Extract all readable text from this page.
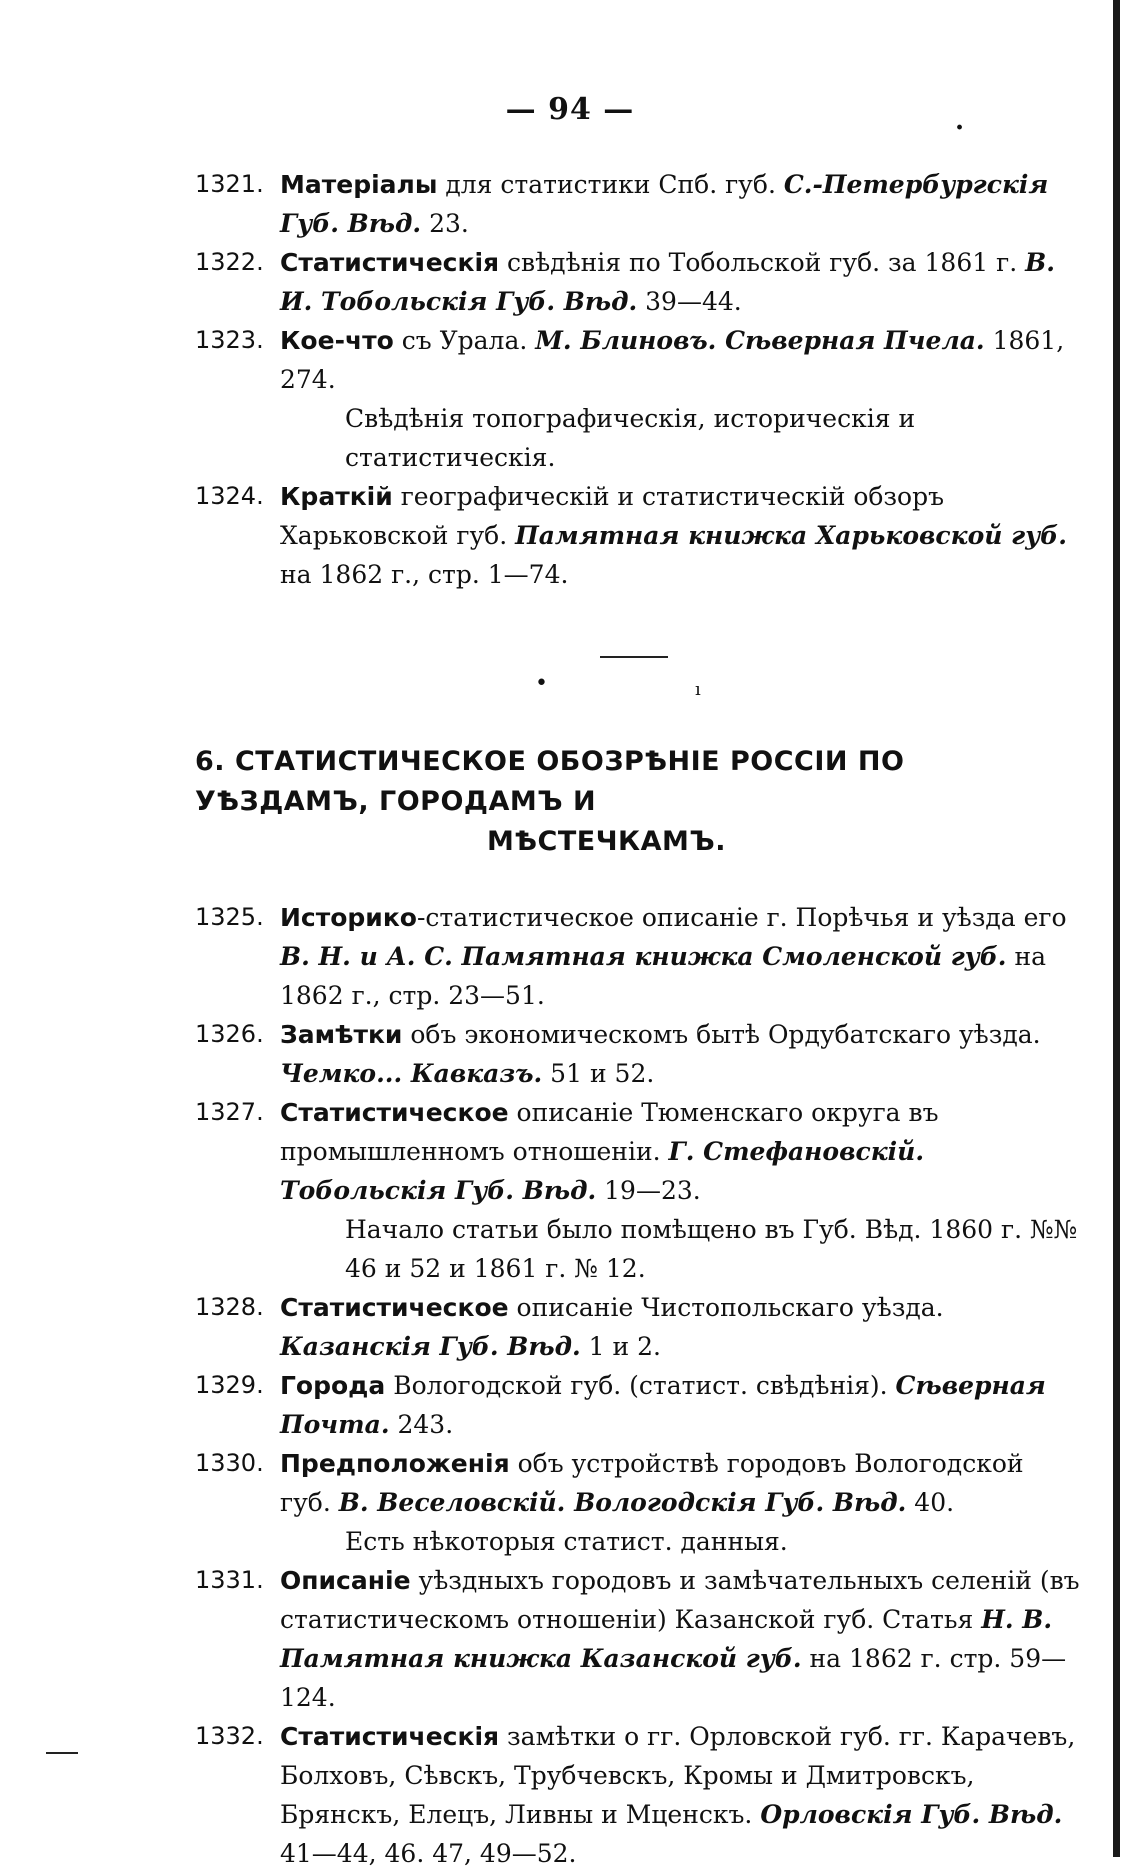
— 94 —	.
1321. Матеріалы для статистики Спб. губ. С.-Петербургскія Губ. Вѣд. 23.
1322. Статистическія свѣдѣнія по Тобольской губ. за 1861 г. В. И. Тобольскія Губ. Вѣд. 39—44.
1323. Кое-что съ Урала. М. Блиновъ. Сѣверная Пчела. 1861, 274.
Свѣдѣнія топографическія, историческія и статистическія.
1324. Краткій географическій и статистическій обзоръ Харьковской губ. Памятная книжка Харьковской губ. на 1862 г., стр. 1—74.
•	ı
6. СТАТИСТИЧЕСКОЕ ОБОЗРѢНІЕ РОССІИ ПО УѢЗДАМЪ, ГОРОДАМЪ И
МѢСТЕЧКАМЪ.
1325. Историко-статистическое описаніе г. Порѣчья и уѣзда его В. Н. и А. С. Памятная книжка Смоленской губ. на 1862 г., стр. 23—51.
1326. Замѣтки объ экономическомъ бытѣ Ордубатскаго уѣзда. Чемко... Кавказъ. 51 и 52.
1327. Статистическое описаніе Тюменскаго округа въ промышленномъ отношеніи. Г. Стефановскій. Тобольскія Губ. Вѣд. 19—23.
Начало статьи было помѣщено въ Губ. Вѣд. 1860 г. №№ 46 и 52 и 1861 г. № 12.
1328. Статистическое описаніе Чистопольскаго уѣзда. Казанскія Губ. Вѣд. 1 и 2.
1329. Города Вологодской губ. (статист. свѣдѣнія). Сѣверная Почта. 243.
1330. Предположенія объ устройствѣ городовъ Вологодской губ. В. Веселовскій. Вологодскія Губ. Вѣд. 40.
Есть нѣкоторыя статист. данныя.
1331. Описаніе уѣздныхъ городовъ и замѣчательныхъ селеній (въ статистическомъ отношеніи) Казанской губ. Статья Н. В. Памятная книжка Казанской губ. на 1862 г. стр. 59—124.
1332. Статистическія замѣтки о гг. Орловской губ. гг. Карачевъ, Болховъ, Сѣвскъ, Трубчевскъ, Кромы и Дмитровскъ, Брянскъ, Елецъ, Ливны и Мценскъ. Орловскія Губ. Вѣд. 41—44, 46. 47, 49—52.
